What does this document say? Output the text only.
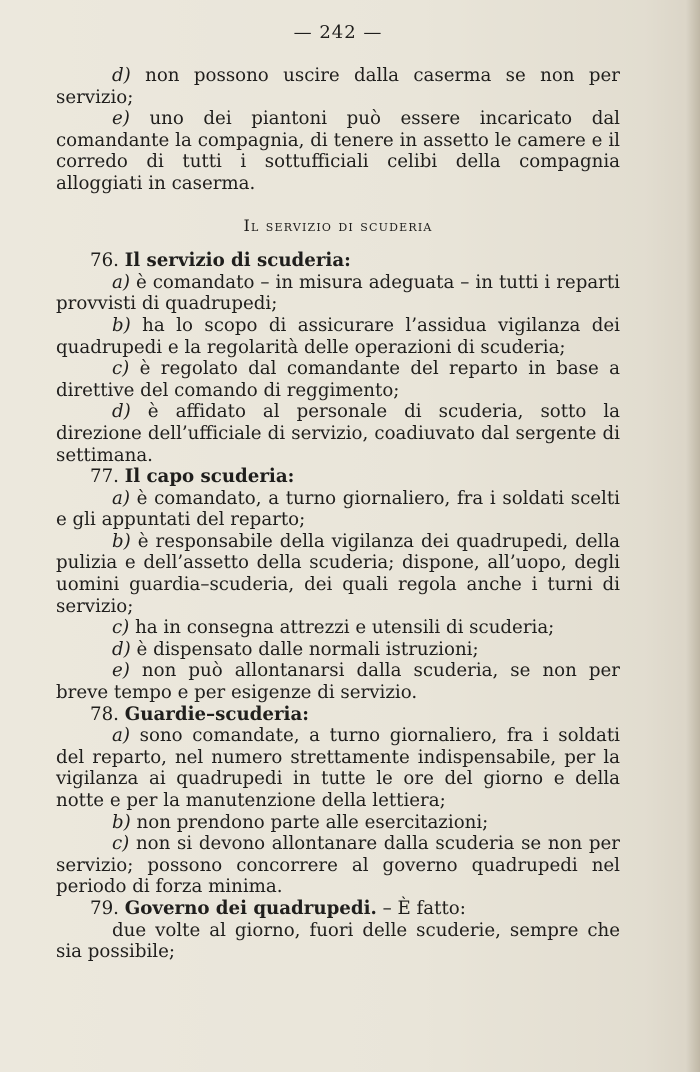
— 242 —

d) non possono uscire dalla caserma se non per servizio;

e) uno dei piantoni può essere incaricato dal comandante la compagnia, di tenere in assetto le camere e il corredo di tutti i sottufficiali celibi della compagnia alloggiati in caserma.

Il servizio di scuderia

76. Il servizio di scuderia:

a) è comandato – in misura adeguata – in tutti i reparti provvisti di quadrupedi;

b) ha lo scopo di assicurare l’assidua vigilanza dei quadrupedi e la regolarità delle operazioni di scuderia;

c) è regolato dal comandante del reparto in base a direttive del comando di reggimento;

d) è affidato al personale di scuderia, sotto la direzione dell’ufficiale di servizio, coadiuvato dal sergente di settimana.

77. Il capo scuderia:

a) è comandato, a turno giornaliero, fra i soldati scelti e gli appuntati del reparto;

b) è responsabile della vigilanza dei quadrupedi, della pulizia e dell’assetto della scuderia; dispone, all’uopo, degli uomini guardia–scuderia, dei quali regola anche i turni di servizio;

c) ha in consegna attrezzi e utensili di scuderia;

d) è dispensato dalle normali istruzioni;

e) non può allontanarsi dalla scuderia, se non per breve tempo e per esigenze di servizio.

78. Guardie–scuderia:

a) sono comandate, a turno giornaliero, fra i soldati del reparto, nel numero strettamente indispensabile, per la vigilanza ai quadrupedi in tutte le ore del giorno e della notte e per la manutenzione della lettiera;

b) non prendono parte alle esercitazioni;

c) non si devono allontanare dalla scuderia se non per servizio; possono concorrere al governo quadrupedi nel periodo di forza minima.

79. Governo dei quadrupedi. – È fatto:

due volte al giorno, fuori delle scuderie, sempre che sia possibile;
